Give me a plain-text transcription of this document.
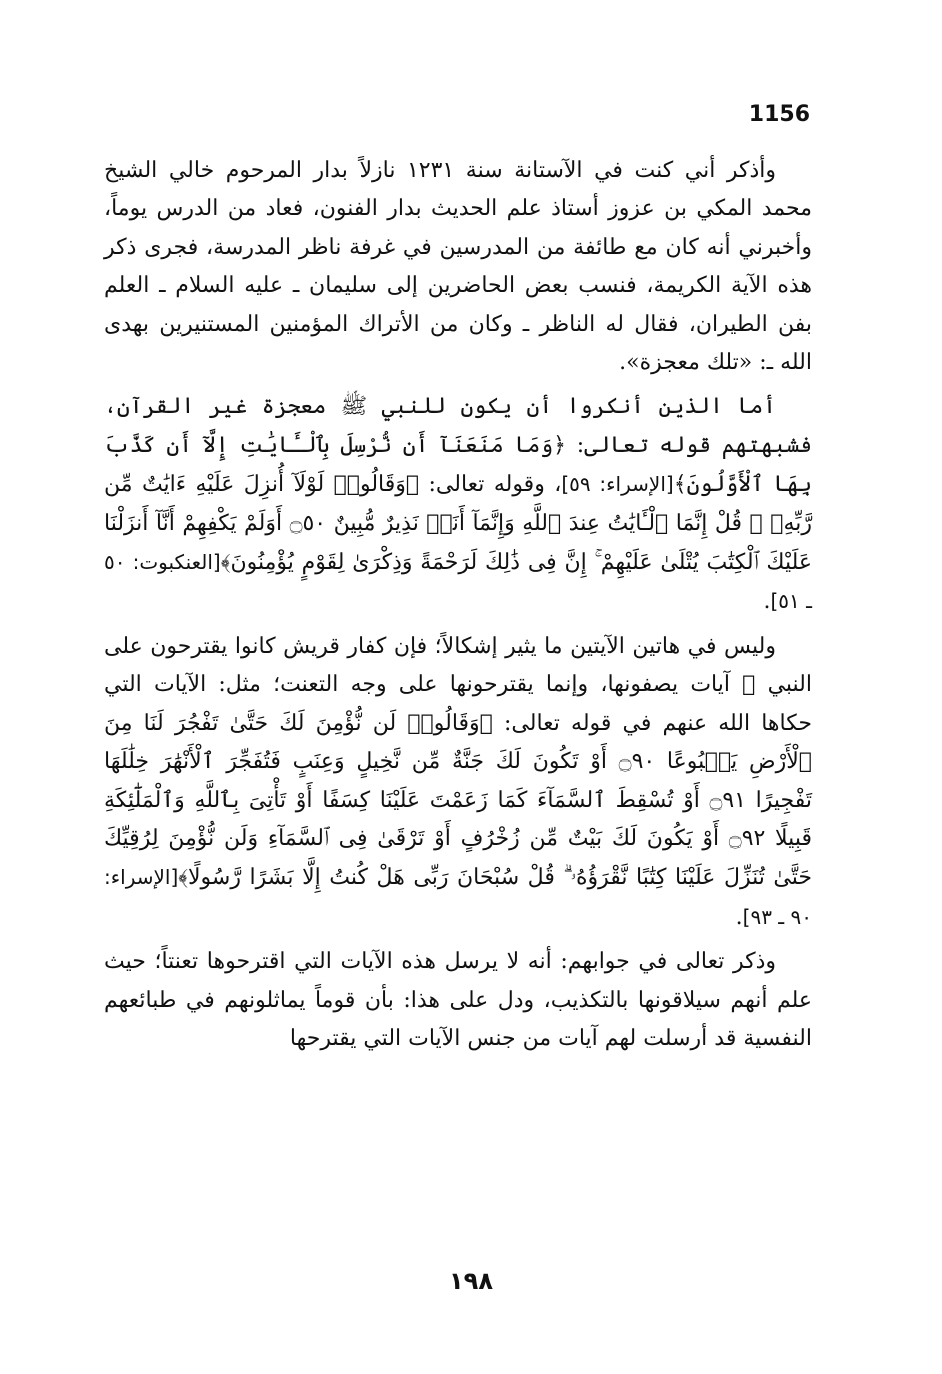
1156

وأذكر أني كنت في الآستانة سنة ١٢٣١ نازلاً بدار المرحوم خالي الشيخ محمد المكي بن عزوز أستاذ علم الحديث بدار الفنون، فعاد من الدرس يوماً، وأخبرني أنه كان مع طائفة من المدرسين في غرفة ناظر المدرسة، فجرى ذكر هذه الآية الكريمة، فنسب بعض الحاضرين إلى سليمان ـ عليه السلام ـ العلم بفن الطيران، فقال له الناظر ـ وكان من الأتراك المؤمنين المستنيرين بهدى الله ـ: «تلك معجزة».

أما الذين أنكروا أن يكون للنبي ﷺ معجزة غير القرآن، فشبهتهم قوله تعالى: ﴿وَمَا مَنَعَنَآ أَن نُّرْسِلَ بِٱلْـَٔايَٰتِ إِلَّآ أَن كَذَّبَ بِهَا ٱلْأَوَّلُونَ﴾[الإسراء: ٥٩]، وقوله تعالى: ﴿وَقَالُوا۟ لَوْلَآ أُنزِلَ عَلَيْهِ ءَايَٰتٌ مِّن رَّبِّهِۦ ۖ قُلْ إِنَّمَا ٱلْـَٔايَٰتُ عِندَ ٱللَّهِ وَإِنَّمَآ أَنَا۠ نَذِيرٌ مُّبِينٌ ۝٥٠ أَوَلَمْ يَكْفِهِمْ أَنَّآ أَنزَلْنَا عَلَيْكَ ٱلْكِتَٰبَ يُتْلَىٰ عَلَيْهِمْ ۚ إِنَّ فِى ذَٰلِكَ لَرَحْمَةً وَذِكْرَىٰ لِقَوْمٍ يُؤْمِنُونَ﴾[العنكبوت: ٥٠ ـ ٥١].

وليس في هاتين الآيتين ما يثير إشكالاً؛ فإن كفار قريش كانوا يقترحون على النبي ﷺ آيات يصفونها، وإنما يقترحونها على وجه التعنت؛ مثل: الآيات التي حكاها الله عنهم في قوله تعالى: ﴿وَقَالُوا۟ لَن نُّؤْمِنَ لَكَ حَتَّىٰ تَفْجُرَ لَنَا مِنَ ٱلْأَرْضِ يَنۢبُوعًا ۝٩٠ أَوْ تَكُونَ لَكَ جَنَّةٌ مِّن نَّخِيلٍ وَعِنَبٍ فَتُفَجِّرَ ٱلْأَنْهَٰرَ خِلَٰلَهَا تَفْجِيرًا ۝٩١ أَوْ تُسْقِطَ ٱلسَّمَآءَ كَمَا زَعَمْتَ عَلَيْنَا كِسَفًا أَوْ تَأْتِىَ بِٱللَّهِ وَٱلْمَلَٰٓئِكَةِ قَبِيلًا ۝٩٢ أَوْ يَكُونَ لَكَ بَيْتٌ مِّن زُخْرُفٍ أَوْ تَرْقَىٰ فِى ٱلسَّمَآءِ وَلَن نُّؤْمِنَ لِرُقِيِّكَ حَتَّىٰ تُنَزِّلَ عَلَيْنَا كِتَٰبًا نَّقْرَؤُهُۥ ۗ قُلْ سُبْحَانَ رَبِّى هَلْ كُنتُ إِلَّا بَشَرًا رَّسُولًا﴾[الإسراء: ٩٠ ـ ٩٣].

وذكر تعالى في جوابهم: أنه لا يرسل هذه الآيات التي اقترحوها تعنتاً؛ حيث علم أنهم سيلاقونها بالتكذيب، ودل على هذا: بأن قوماً يماثلونهم في طبائعهم النفسية قد أرسلت لهم آيات من جنس الآيات التي يقترحها

١٩٨
